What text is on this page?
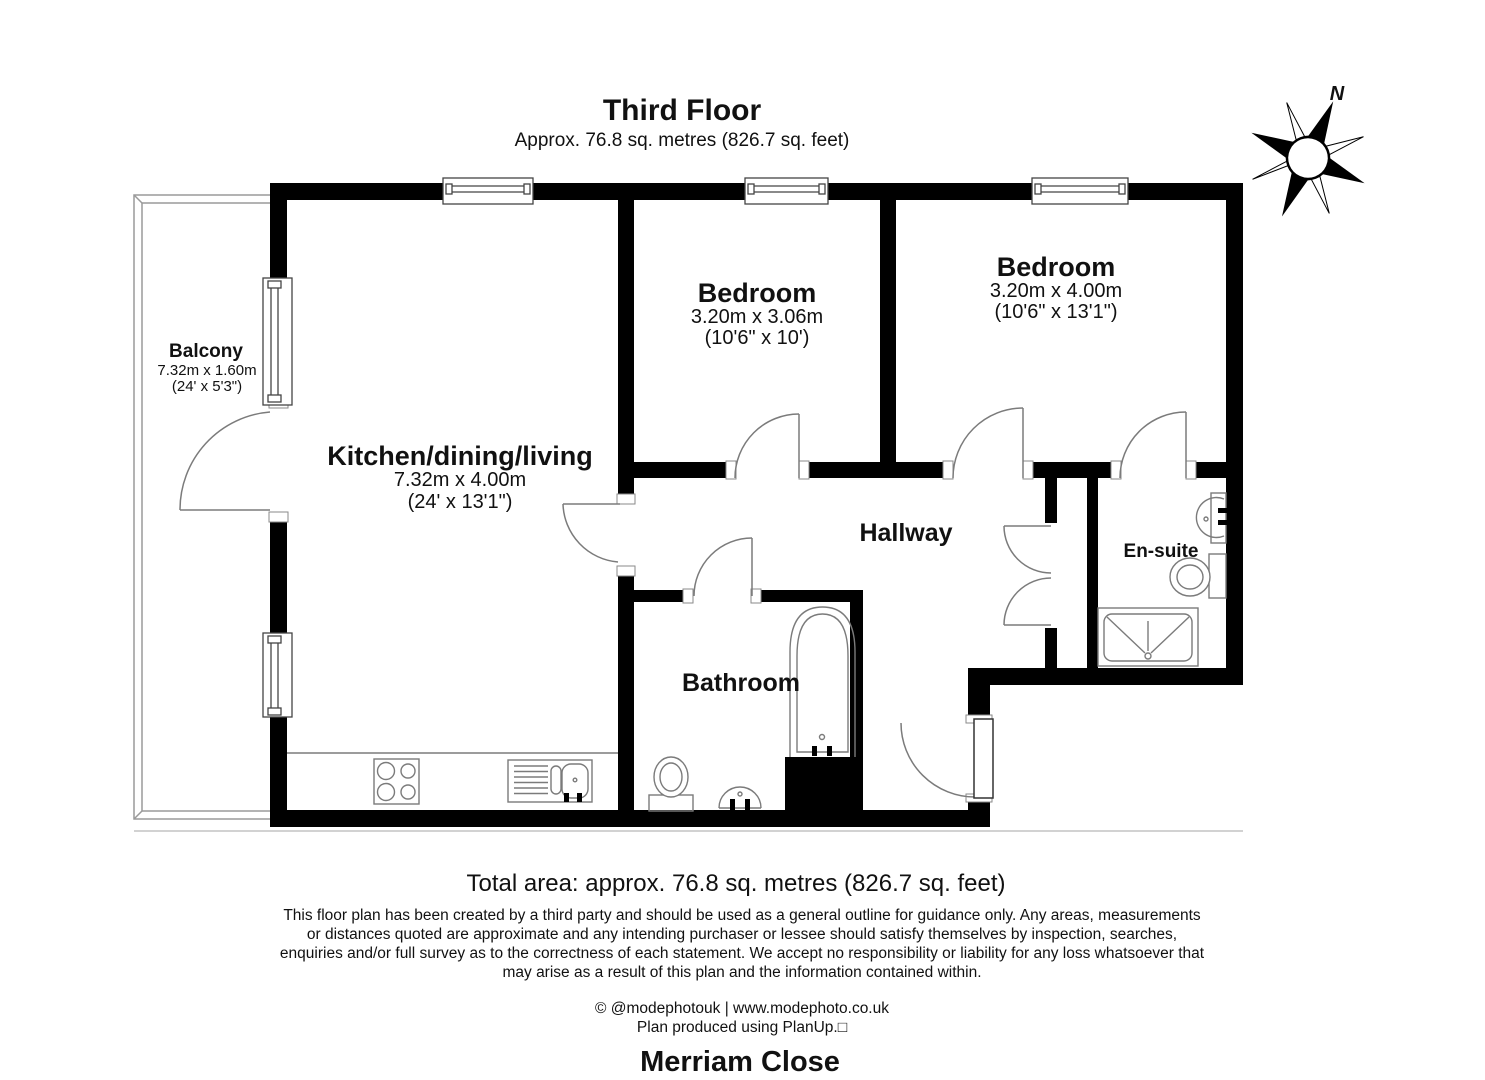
Third Floor
Approx. 76.8 sq. metres (826.7 sq. feet)
N
Balcony
7.32m x 1.60m
(24' x 5'3")
Kitchen/dining/living
7.32m x 4.00m
(24' x 13'1")
Bedroom
3.20m x 3.06m
(10'6" x 10')
Bedroom
3.20m x 4.00m
(10'6" x 13'1")
Hallway
En-suite
Bathroom
Total area: approx. 76.8 sq. metres (826.7 sq. feet)
This floor plan has been created by a third party and should be used as a general outline for guidance only. Any areas, measurements
or distances quoted are approximate and any intending purchaser or lessee should satisfy themselves by inspection, searches,
enquiries and/or full survey as to the correctness of each statement. We accept no responsibility or liability for any loss whatsoever that
may arise as a result of this plan and the information contained within.
© @modephotouk | www.modephoto.co.uk
Plan produced using PlanUp.□
Merriam Close
